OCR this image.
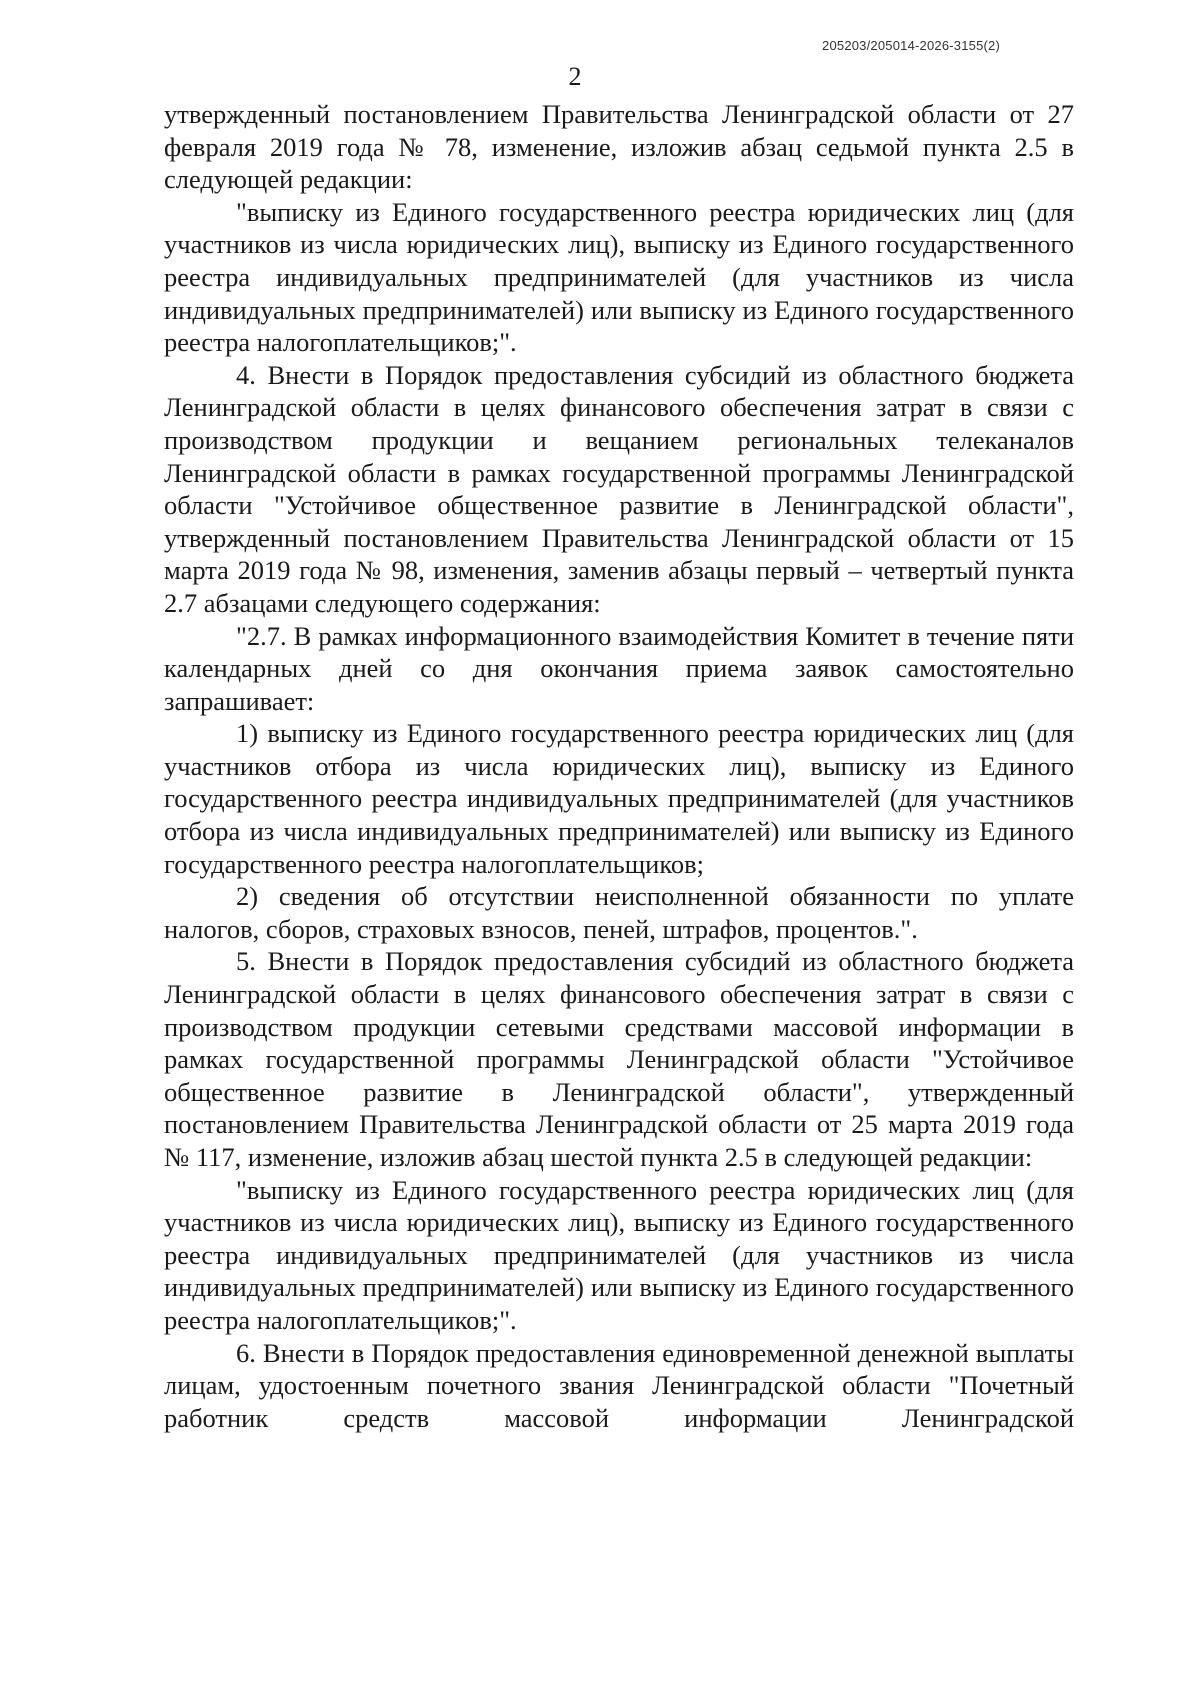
205203/205014-2026-3155(2)
2

утвержденный постановлением Правительства Ленинградской области от 27 февраля 2019 года № 78, изменение, изложив абзац седьмой пункта 2.5 в следующей редакции:

"выписку из Единого государственного реестра юридических лиц (для участников из числа юридических лиц), выписку из Единого государственного реестра индивидуальных предпринимателей (для участников из числа индивидуальных предпринимателей) или выписку из Единого государственного реестра налогоплательщиков;".

4. Внести в Порядок предоставления субсидий из областного бюджета Ленинградской области в целях финансового обеспечения затрат в связи с производством продукции и вещанием региональных телеканалов Ленинградской области в рамках государственной программы Ленинградской области "Устойчивое общественное развитие в Ленинградской области", утвержденный постановлением Правительства Ленинградской области от 15 марта 2019 года № 98, изменения, заменив абзацы первый – четвертый пункта 2.7 абзацами следующего содержания:

"2.7. В рамках информационного взаимодействия Комитет в течение пяти календарных дней со дня окончания приема заявок самостоятельно запрашивает:

1) выписку из Единого государственного реестра юридических лиц (для участников отбора из числа юридических лиц), выписку из Единого государственного реестра индивидуальных предпринимателей (для участников отбора из числа индивидуальных предпринимателей) или выписку из Единого государственного реестра налогоплательщиков;

2) сведения об отсутствии неисполненной обязанности по уплате налогов, сборов, страховых взносов, пеней, штрафов, процентов.".

5. Внести в Порядок предоставления субсидий из областного бюджета Ленинградской области в целях финансового обеспечения затрат в связи с производством продукции сетевыми средствами массовой информации в рамках государственной программы Ленинградской области "Устойчивое общественное развитие в Ленинградской области", утвержденный постановлением Правительства Ленинградской области от 25 марта 2019 года № 117, изменение, изложив абзац шестой пункта 2.5 в следующей редакции:

"выписку из Единого государственного реестра юридических лиц (для участников из числа юридических лиц), выписку из Единого государственного реестра индивидуальных предпринимателей (для участников из числа индивидуальных предпринимателей) или выписку из Единого государственного реестра налогоплательщиков;".

6. Внести в Порядок предоставления единовременной денежной выплаты лицам, удостоенным почетного звания Ленинградской области "Почетный работник средств массовой информации Ленинградской
